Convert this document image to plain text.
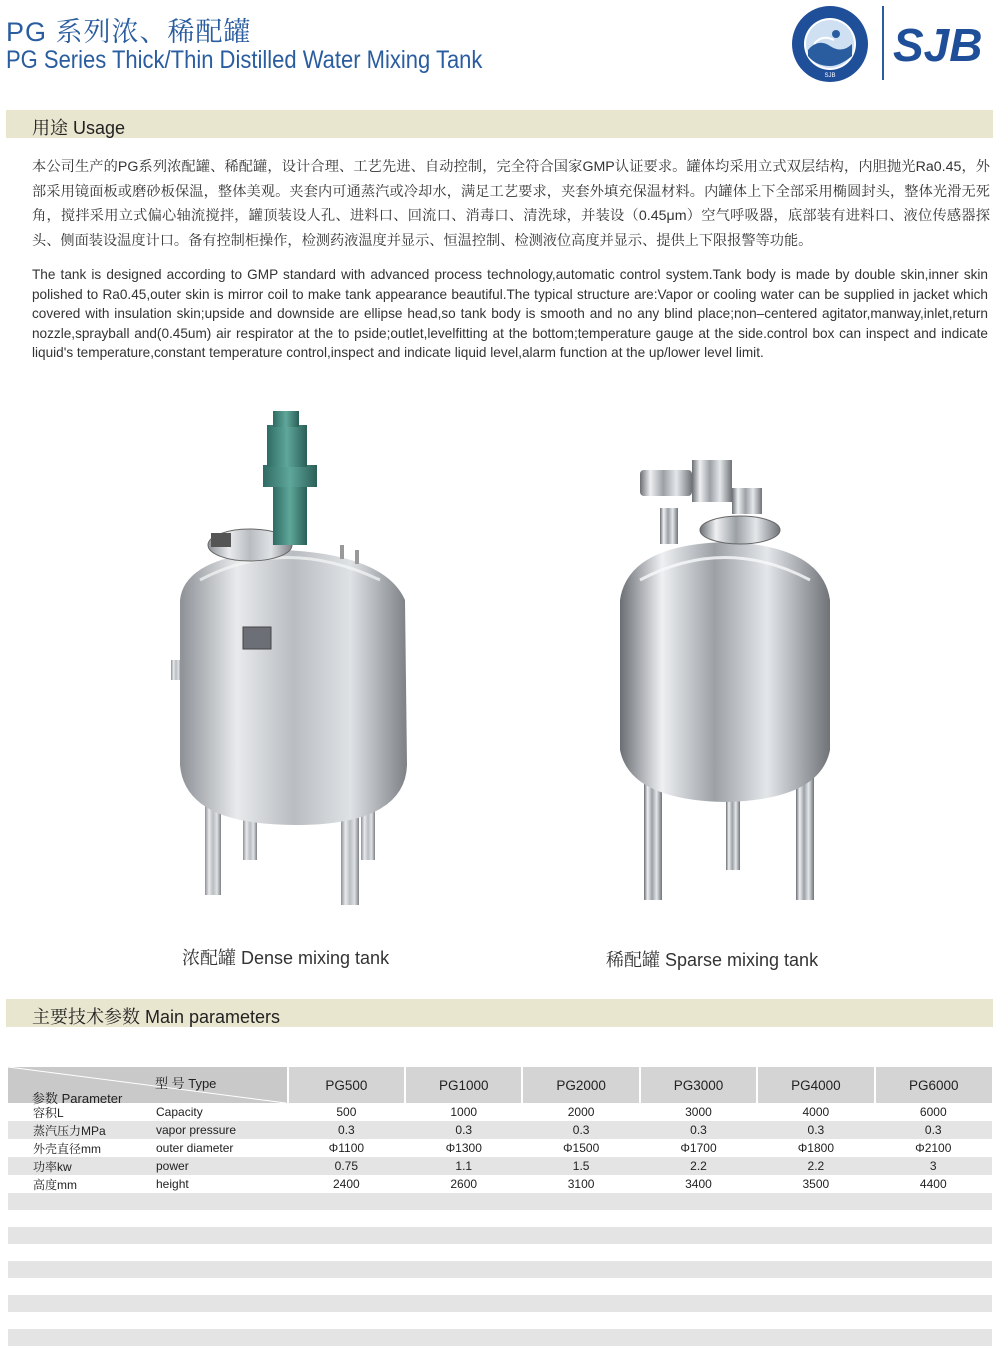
PG 系列浓、稀配罐
PG Series Thick/Thin Distilled Water Mixing Tank
SJB
SJB
用途 Usage
本公司生产的PG系列浓配罐、稀配罐，设计合理、工艺先进、自动控制，完全符合国家GMP认证要求。罐体均采用立式双层结构，内胆抛光Ra0.45，外部采用镜面板或磨砂板保温，整体美观。夹套内可通蒸汽或冷却水，满足工艺要求，夹套外填充保温材料。内罐体上下全部采用椭圆封头，整体光滑无死角，搅拌采用立式偏心轴流搅拌，罐顶装设人孔、进料口、回流口、消毒口、清洗球，并装设（0.45μm）空气呼吸器，底部装有进料口、液位传感器探头、侧面装设温度计口。备有控制柜操作，检测药液温度并显示、恒温控制、检测液位高度并显示、提供上下限报警等功能。
The tank is designed according to GMP standard with advanced process technology,automatic control system.Tank body is made by double skin,inner skin polished to Ra0.45,outer skin is mirror coil to make tank appearance beautiful.The typical structure are:Vapor or cooling water can be supplied in jacket which covered with insulation skin;upside and downside are ellipse head,so tank body is smooth and no any blind place;non–centered agitator,manway,inlet,return nozzle,sprayball and(0.45um) air respirator at the to pside;outlet,levelfitting at the bottom;temperature gauge at the side.control box can inspect and indicate liquid's temperature,constant temperature control,inspect and indicate liquid level,alarm function at the up/lower level limit.
浓配罐 Dense mixing tank	稀配罐 Sparse mixing tank
主要技术参数 Main parameters
型 号 Type
参数 Parameter		PG500	PG1000	PG2000	PG3000	PG4000	PG6000
容积L	Capacity	500	1000	2000	3000	4000	6000
蒸汽压力MPa	vapor pressure	0.3	0.3	0.3	0.3	0.3	0.3
外壳直径mm	outer diameter	Φ1100	Φ1300	Φ1500	Φ1700	Φ1800	Φ2100
功率kw	power	0.75	1.1	1.5	2.2	2.2	3
高度mm	height	2400	2600	3100	3400	3500	4400
